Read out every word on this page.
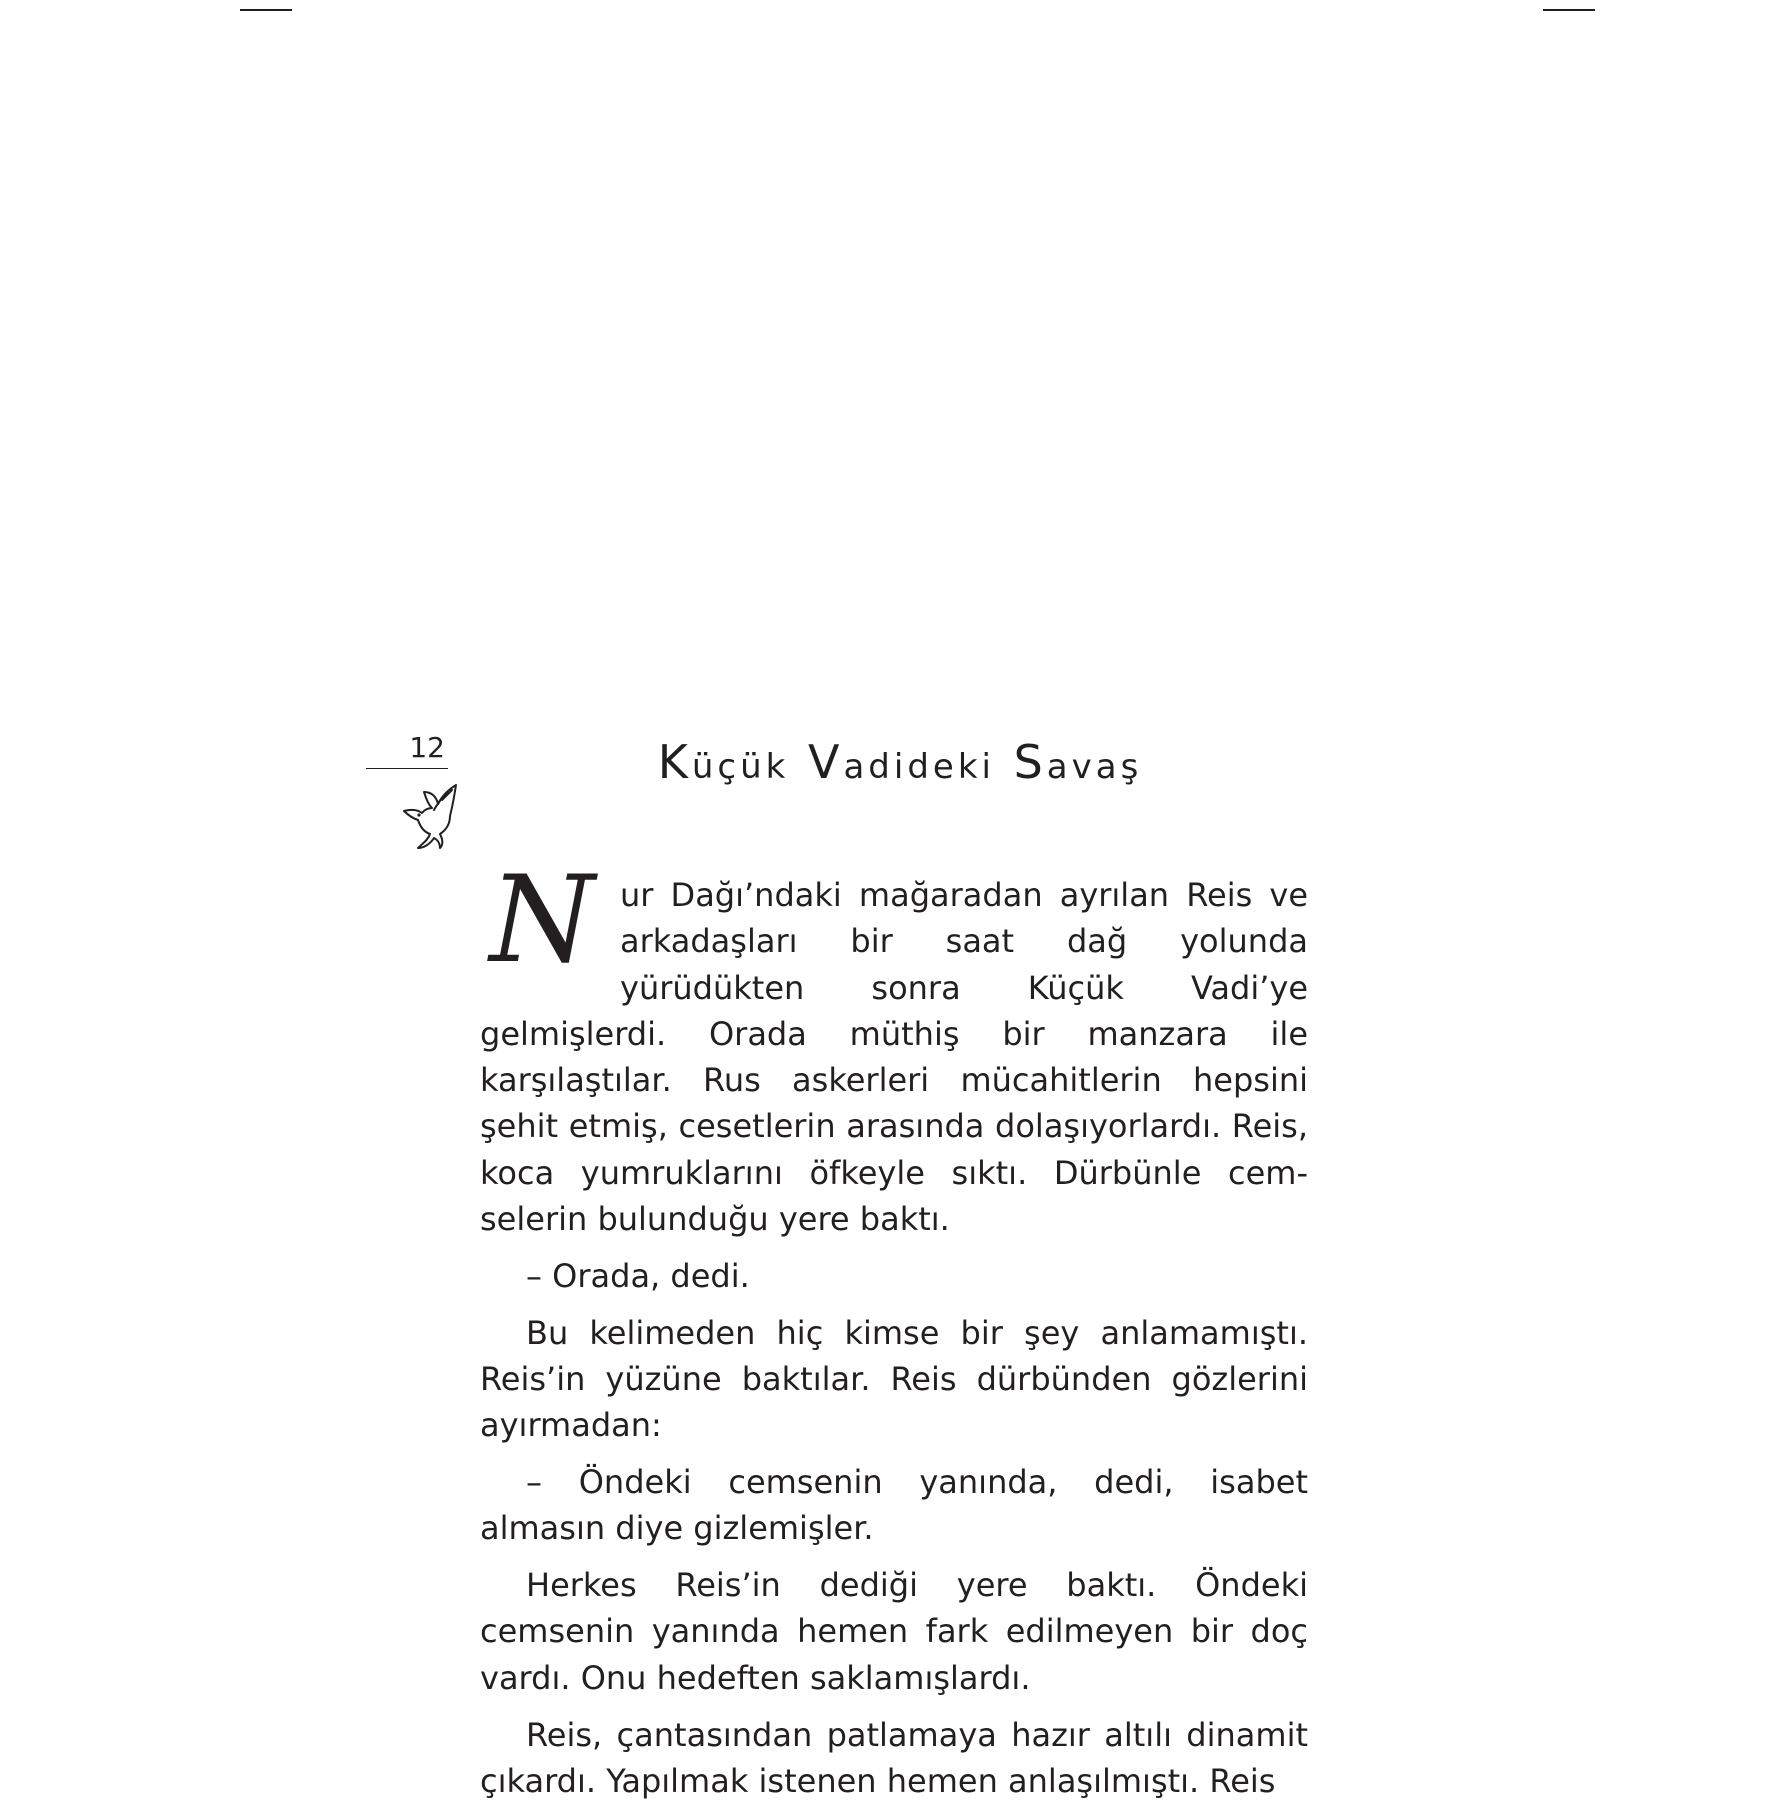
12	Küçük Vadideki Savaş

Nur Dağı’ndaki mağaradan ayrılan Reis ve arkadaşları bir saat dağ yolunda yürüdükten sonra Küçük Vadi’ye gelmişlerdi. Orada müthiş bir manzara ile karşılaştılar. Rus askerleri mücahitlerin hepsini şehit etmiş, cesetlerin arasında dolaşıyorlardı. Reis, koca yumruklarını öfkeyle sıktı. Dürbünle cemselerin bulunduğu yere baktı.

– Orada, dedi.

Bu kelimeden hiç kimse bir şey anlamamıştı. Reis’in yüzüne baktılar. Reis dürbünden gözlerini ayırmadan:

– Öndeki cemsenin yanında, dedi, isabet almasın diye gizlemişler.

Herkes Reis’in dediği yere baktı. Öndeki cemsenin yanında hemen fark edilmeyen bir doç vardı. Onu hedeften saklamışlardı.

Reis, çantasından patlamaya hazır altılı dinamit çıkardı. Yapılmak istenen hemen anlaşılmıştı. Reis
